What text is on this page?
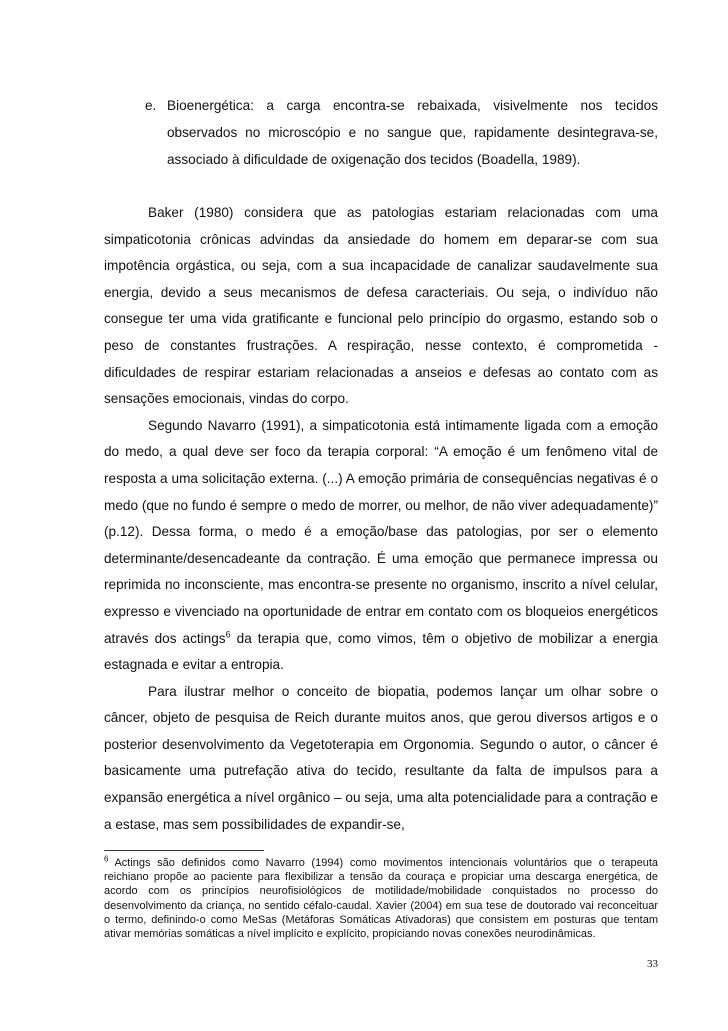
e. Bioenergética: a carga encontra-se rebaixada, visivelmente nos tecidos observados no microscópio e no sangue que, rapidamente desintegrava-se, associado à dificuldade de oxigenação dos tecidos (Boadella, 1989).

Baker (1980) considera que as patologias estariam relacionadas com uma simpaticotonia crônicas advindas da ansiedade do homem em deparar-se com sua impotência orgástica, ou seja, com a sua incapacidade de canalizar saudavelmente sua energia, devido a seus mecanismos de defesa caracteriais. Ou seja, o indivíduo não consegue ter uma vida gratificante e funcional pelo princípio do orgasmo, estando sob o peso de constantes frustrações. A respiração, nesse contexto, é comprometida - dificuldades de respirar estariam relacionadas a anseios e defesas ao contato com as sensações emocionais, vindas do corpo.

Segundo Navarro (1991), a simpaticotonia está intimamente ligada com a emoção do medo, a qual deve ser foco da terapia corporal: “A emoção é um fenômeno vital de resposta a uma solicitação externa. (...) A emoção primária de consequências negativas é o medo (que no fundo é sempre o medo de morrer, ou melhor, de não viver adequadamente)” (p.12). Dessa forma, o medo é a emoção/base das patologias, por ser o elemento determinante/desencadeante da contração. É uma emoção que permanece impressa ou reprimida no inconsciente, mas encontra-se presente no organismo, inscrito a nível celular, expresso e vivenciado na oportunidade de entrar em contato com os bloqueios energéticos através dos actings$^6$ da terapia que, como vimos, têm o objetivo de mobilizar a energia estagnada e evitar a entropia.

Para ilustrar melhor o conceito de biopatia, podemos lançar um olhar sobre o câncer, objeto de pesquisa de Reich durante muitos anos, que gerou diversos artigos e o posterior desenvolvimento da Vegetoterapia em Orgonomia. Segundo o autor, o câncer é basicamente uma putrefação ativa do tecido, resultante da falta de impulsos para a expansão energética a nível orgânico – ou seja, uma alta potencialidade para a contração e a estase, mas sem possibilidades de expandir-se,

$^6$ Actings são definidos como Navarro (1994) como movimentos intencionais voluntários que o terapeuta reichiano propõe ao paciente para flexibilizar a tensão da couraça e propiciar uma descarga energética, de acordo com os princípios neurofisiológicos de motilidade/mobilidade conquistados no processo do desenvolvimento da criança, no sentido céfalo-caudal. Xavier (2004) em sua tese de doutorado vai reconceituar o termo, definindo-o como MeSas (Metáforas Somáticas Ativadoras) que consistem em posturas que tentam ativar memórias somáticas a nível implícito e explícito, propiciando novas conexões neurodinâmicas.
33
